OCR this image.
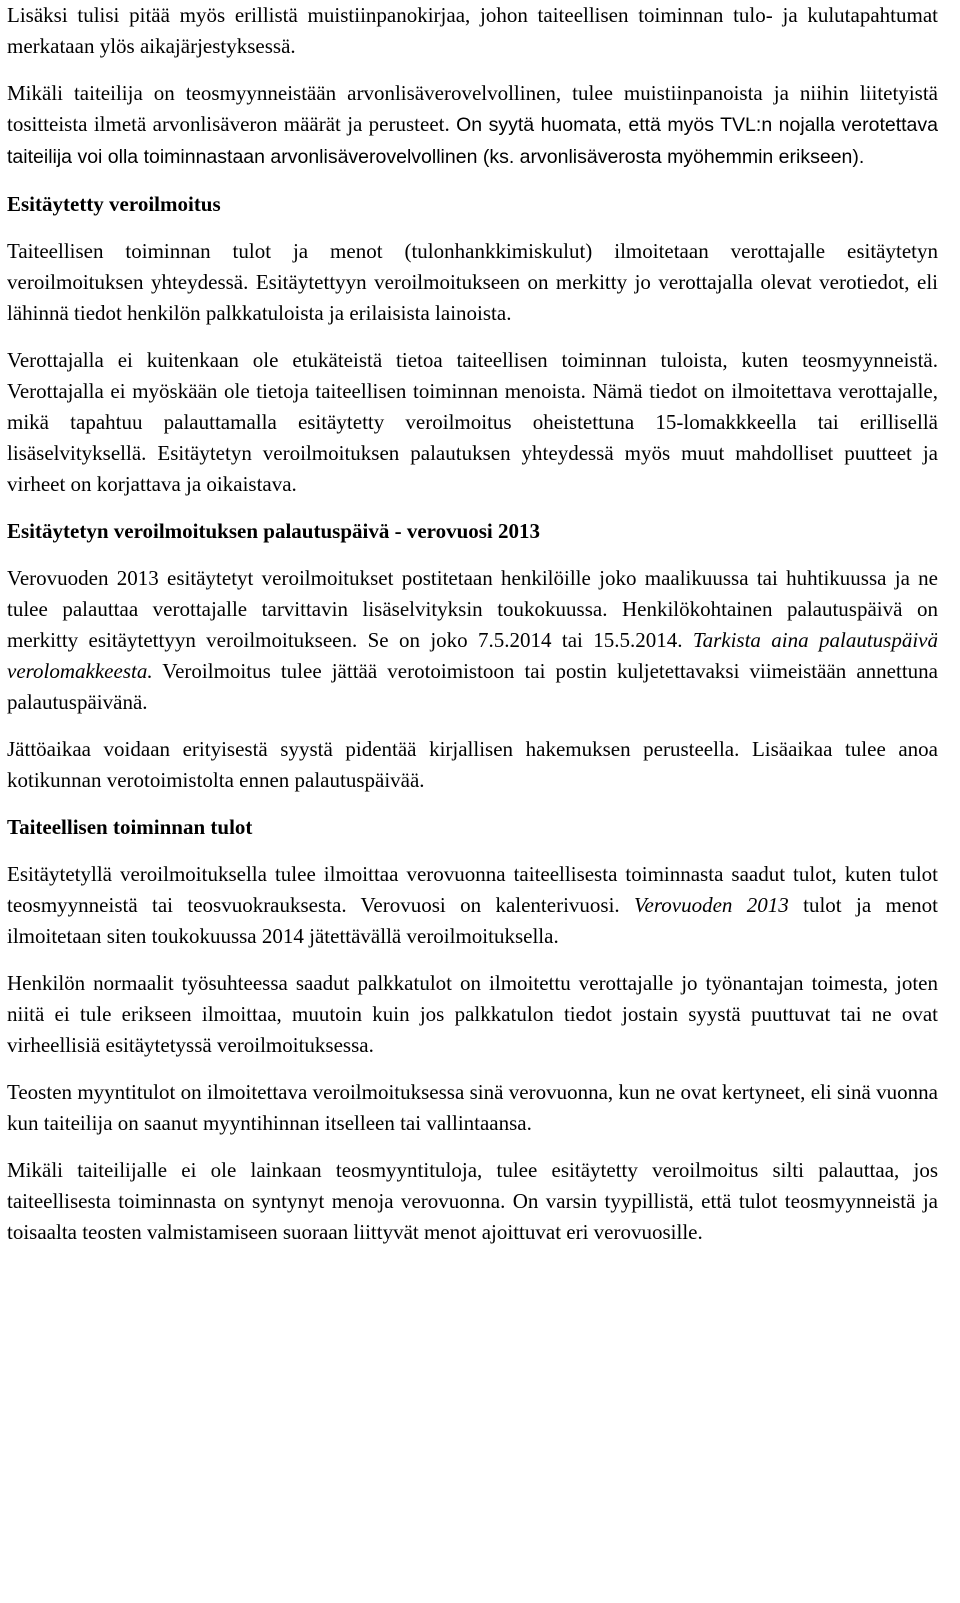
Lisäksi tulisi pitää myös erillistä muistiinpanokirjaa, johon taiteellisen toiminnan tulo- ja kulutapahtumat merkataan ylös aikajärjestyksessä.

Mikäli taiteilija on teosmyynneistään arvonlisäverovelvollinen, tulee muistiinpanoista ja niihin liitetyistä tositteista ilmetä arvonlisäveron määrät ja perusteet. On syytä huomata, että myös TVL:n nojalla verotettava taiteilija voi olla toiminnastaan arvonlisäverovelvollinen (ks. arvonlisäverosta myöhemmin erikseen).

Esitäytetty veroilmoitus

Taiteellisen toiminnan tulot ja menot (tulonhankkimiskulut) ilmoitetaan verottajalle esitäytetyn veroilmoituksen yhteydessä. Esitäytettyyn veroilmoitukseen on merkitty jo verottajalla olevat verotiedot, eli lähinnä tiedot henkilön palkkatuloista ja erilaisista lainoista.

Verottajalla ei kuitenkaan ole etukäteistä tietoa taiteellisen toiminnan tuloista, kuten teosmyynneistä. Verottajalla ei myöskään ole tietoja taiteellisen toiminnan menoista. Nämä tiedot on ilmoitettava verottajalle, mikä tapahtuu palauttamalla esitäytetty veroilmoitus oheistettuna 15-lomakkkeella tai erillisellä lisäselvityksellä. Esitäytetyn veroilmoituksen palautuksen yhteydessä myös muut mahdolliset puutteet ja virheet on korjattava ja oikaistava.

Esitäytetyn veroilmoituksen palautuspäivä - verovuosi 2013

Verovuoden 2013 esitäytetyt veroilmoitukset postitetaan henkilöille joko maalikuussa tai huhtikuussa ja ne tulee palauttaa verottajalle tarvittavin lisäselvityksin toukokuussa. Henkilökohtainen palautuspäivä on merkitty esitäytettyyn veroilmoitukseen. Se on joko 7.5.2014 tai 15.5.2014. Tarkista aina palautuspäivä verolomakkeesta. Veroilmoitus tulee jättää verotoimistoon tai postin kuljetettavaksi viimeistään annettuna palautuspäivänä.

Jättöaikaa voidaan erityisestä syystä pidentää kirjallisen hakemuksen perusteella. Lisäaikaa tulee anoa kotikunnan verotoimistolta ennen palautuspäivää.

Taiteellisen toiminnan tulot

Esitäytetyllä veroilmoituksella tulee ilmoittaa verovuonna taiteellisesta toiminnasta saadut tulot, kuten tulot teosmyynneistä tai teosvuokrauksesta. Verovuosi on kalenterivuosi. Verovuoden 2013 tulot ja menot ilmoitetaan siten toukokuussa 2014 jätettävällä veroilmoituksella.

Henkilön normaalit työsuhteessa saadut palkkatulot on ilmoitettu verottajalle jo työnantajan toimesta, joten niitä ei tule erikseen ilmoittaa, muutoin kuin jos palkkatulon tiedot jostain syystä puuttuvat tai ne ovat virheellisiä esitäytetyssä veroilmoituksessa.

Teosten myyntitulot on ilmoitettava veroilmoituksessa sinä verovuonna, kun ne ovat kertyneet, eli sinä vuonna kun taiteilija on saanut myyntihinnan itselleen tai vallintaansa.

Mikäli taiteilijalle ei ole lainkaan teosmyyntituloja, tulee esitäytetty veroilmoitus silti palauttaa, jos taiteellisesta toiminnasta on syntynyt menoja verovuonna. On varsin tyypillistä, että tulot teosmyynneistä ja toisaalta teosten valmistamiseen suoraan liittyvät menot ajoittuvat eri verovuosille.
